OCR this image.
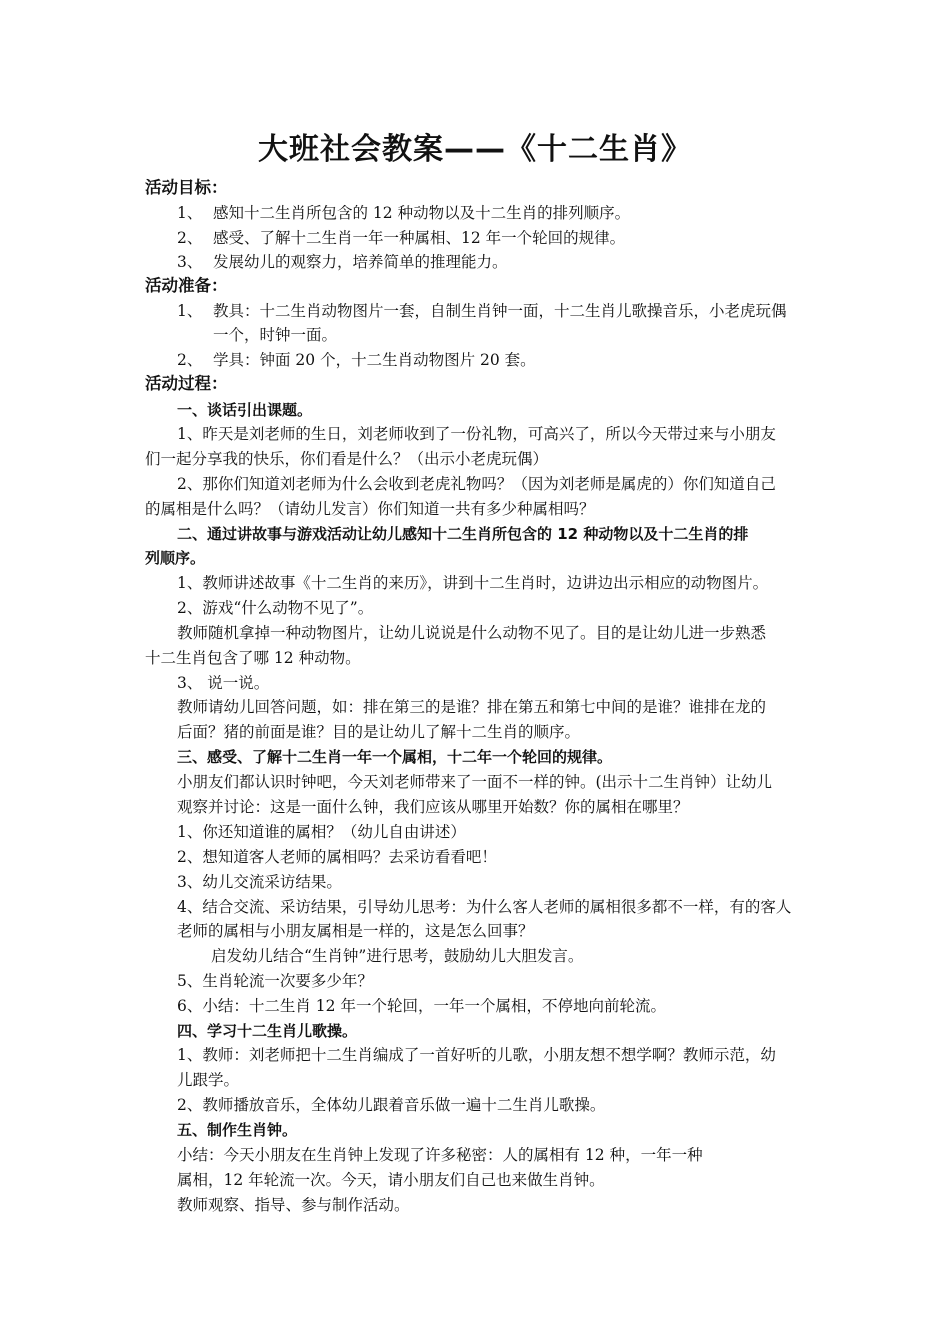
大班社会教案——《十二生肖》
活动目标：
1、 感知十二生肖所包含的 12 种动物以及十二生肖的排列顺序。
2、 感受、了解十二生肖一年一种属相、12 年一个轮回的规律。
3、 发展幼儿的观察力，培养简单的推理能力。
活动准备：
1、 教具：十二生肖动物图片一套，自制生肖钟一面，十二生肖儿歌操音乐，小老虎玩偶
一个，时钟一面。
2、 学具：钟面 20 个，十二生肖动物图片 20 套。
活动过程：
一、谈话引出课题。
1、昨天是刘老师的生日，刘老师收到了一份礼物，可高兴了，所以今天带过来与小朋友
们一起分享我的快乐，你们看是什么？（出示小老虎玩偶）
2、那你们知道刘老师为什么会收到老虎礼物吗？（因为刘老师是属虎的）你们知道自己
的属相是什么吗？（请幼儿发言）你们知道一共有多少种属相吗？
二、通过讲故事与游戏活动让幼儿感知十二生肖所包含的 12 种动物以及十二生肖的排
列顺序。
1、教师讲述故事《十二生肖的来历》，讲到十二生肖时，边讲边出示相应的动物图片。
2、游戏“什么动物不见了”。
教师随机拿掉一种动物图片，让幼儿说说是什么动物不见了。目的是让幼儿进一步熟悉
十二生肖包含了哪 12 种动物。
3、 说一说。
教师请幼儿回答问题，如：排在第三的是谁？排在第五和第七中间的是谁？谁排在龙的
后面？猪的前面是谁？目的是让幼儿了解十二生肖的顺序。
三、感受、了解十二生肖一年一个属相，十二年一个轮回的规律。
小朋友们都认识时钟吧，今天刘老师带来了一面不一样的钟。(出示十二生肖钟）让幼儿
观察并讨论：这是一面什么钟，我们应该从哪里开始数？你的属相在哪里？
1、你还知道谁的属相？（幼儿自由讲述）
2、想知道客人老师的属相吗？去采访看看吧！
3、幼儿交流采访结果。
4、结合交流、采访结果，引导幼儿思考：为什么客人老师的属相很多都不一样，有的客人
老师的属相与小朋友属相是一样的，这是怎么回事？
启发幼儿结合“生肖钟”进行思考，鼓励幼儿大胆发言。
5、生肖轮流一次要多少年？
6、小结：十二生肖 12 年一个轮回，一年一个属相，不停地向前轮流。
四、学习十二生肖儿歌操。
1、教师：刘老师把十二生肖编成了一首好听的儿歌，小朋友想不想学啊？教师示范，幼
儿跟学。
2、教师播放音乐，全体幼儿跟着音乐做一遍十二生肖儿歌操。
五、制作生肖钟。
小结：今天小朋友在生肖钟上发现了许多秘密：人的属相有 12 种，一年一种
属相，12 年轮流一次。今天，请小朋友们自己也来做生肖钟。
教师观察、指导、参与制作活动。
